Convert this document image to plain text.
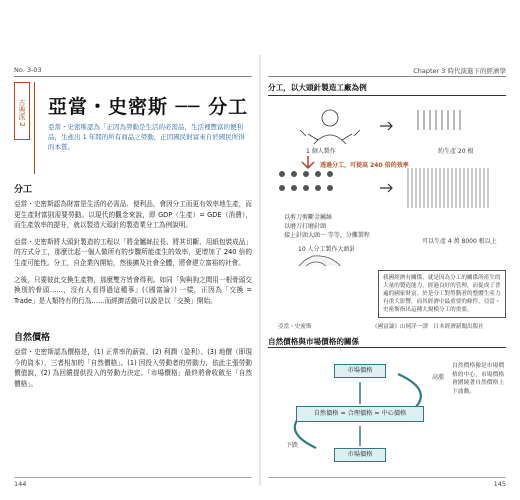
No. 3-03	Chapter 3 時代演進下的經濟學
古典派 2 亞當・史密斯 ── 分工
亞當・史密斯認為「正因為勞動是生活的必需品，生活裡豐富的便利品，生產出 1 年間的所有商品之勞動，正因國民財富來自於國民所得的本質。
分工

亞當・史密斯認為財富是生活的必需品、便利品，會因分工而更有效率地生產，而更生產財富則需要勞動。以現代的觀念來說，即 GDP（生產）= GDE（消費），而生產效率的提升，就以製造大頭針的製造業分工為例說明。

亞當・史密斯將大頭針製造的工程以「將金屬絲拉長、將其切斷、用紙包裝成品」的方式分工，那麼比起一個人做所有的步驟所能產生的效率，更增加了 240 倍的生產可能性。分工，自企業內開始，然後擴及社會全體，將會建立富裕的社會。

之後，只要彼此交換生產物，那麼雙方皆會得利。如同「狗與狗之間用一根骨頭交換別的骨頭……，沒有人看得過這種事」(《國富論》) 一樣，正因為「交換 = Trade」是人類特有的行為……而經濟活動可以說是以「交換」開始。

自然價格

亞當・史密斯認為價格是，(1) 正常率的薪資、(2) 利潤（盈利）、(3) 地價（即現今的資本），三者相加的「自然價格」。(1) 因投入勞動者的勞動力，依此主張勞動價值說，(2) 為回饋提供投入的勞動力決定。「市場價格」最終將會收斂至「自然價格」。

144
分工，以大頭針製造工廠為例
1 個人製作	約生產 20 根
透過分工，可提高 240 倍的效率
以剪刀剪斷金屬絲
以磨刀打磨針頭
接上針頭大頭一 等等，分攤製程
10 人分工製作大頭針
可以生產 4 萬 8000 根以上
我國經濟有關係，就是因為分工的關係所產生的大量的製造能力，經過良好的管理，而促成了普遍的國家財富。於是分工對勞動者的整體生產力有重大影響，而其經濟中最重要的條件。亞當・史密斯指出這種大規模分工的重要。
《國富論》山岡洋一譯　日本經濟新聞出版社
亞當・史密斯
自然價格與市場價格的關係
市場價格
自然價格 = 合理價格 = 中心價格
市場價格
高漲
下跌
自然價格像是市場價格的中心，市場價格會圍繞著自然價格上下波動。
145
